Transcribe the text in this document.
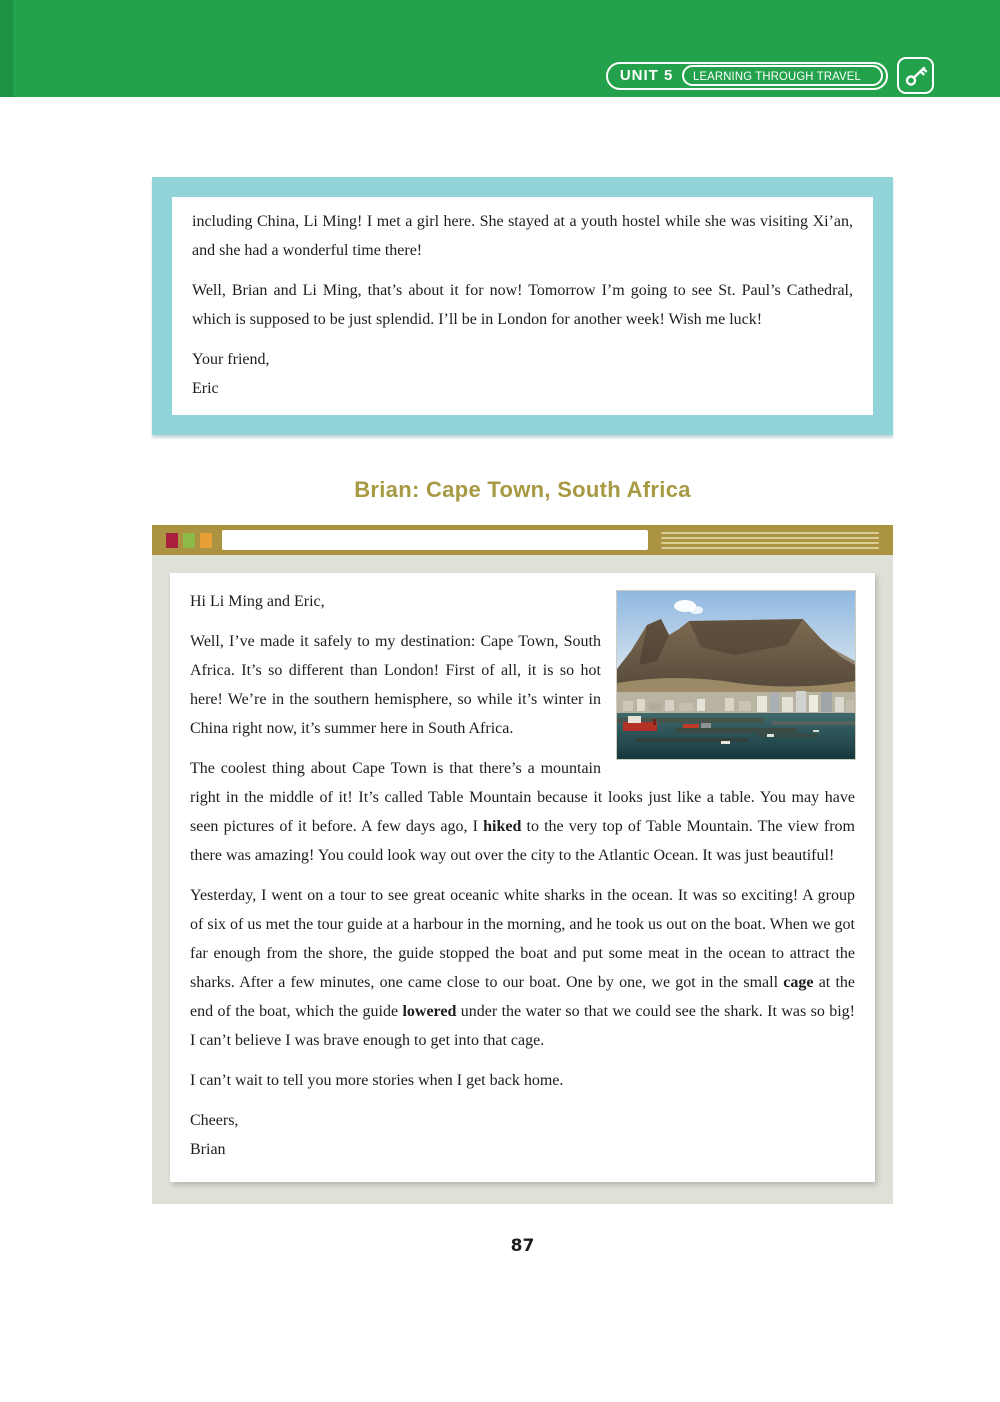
UNIT 5 LEARNING THROUGH TRAVEL

including China, Li Ming! I met a girl here. She stayed at a youth hostel while she was visiting Xi’an, and she had a wonderful time there!

Well, Brian and Li Ming, that’s about it for now! Tomorrow I’m going to see St. Paul’s Cathedral, which is supposed to be just splendid. I’ll be in London for another week! Wish me luck!

Your friend,
Eric
Brian: Cape Town, South Africa

Hi Li Ming and Eric,

Well, I’ve made it safely to my destination: Cape Town, South Africa. It’s so different than London! First of all, it is so hot here! We’re in the southern hemisphere, so while it’s winter in China right now, it’s summer here in South Africa.

The coolest thing about Cape Town is that there’s a mountain right in the middle of it! It’s called Table Mountain because it looks just like a table. You may have seen pictures of it before. A few days ago, I hiked to the very top of Table Mountain. The view from there was amazing! You could look way out over the city to the Atlantic Ocean. It was just beautiful!

Yesterday, I went on a tour to see great oceanic white sharks in the ocean. It was so exciting! A group of six of us met the tour guide at a harbour in the morning, and he took us out on the boat. When we got far enough from the shore, the guide stopped the boat and put some meat in the ocean to attract the sharks. After a few minutes, one came close to our boat. One by one, we got in the small cage at the end of the boat, which the guide lowered under the water so that we could see the shark. It was so big! I can’t believe I was brave enough to get into that cage.

I can’t wait to tell you more stories when I get back home.

Cheers,
Brian
87
